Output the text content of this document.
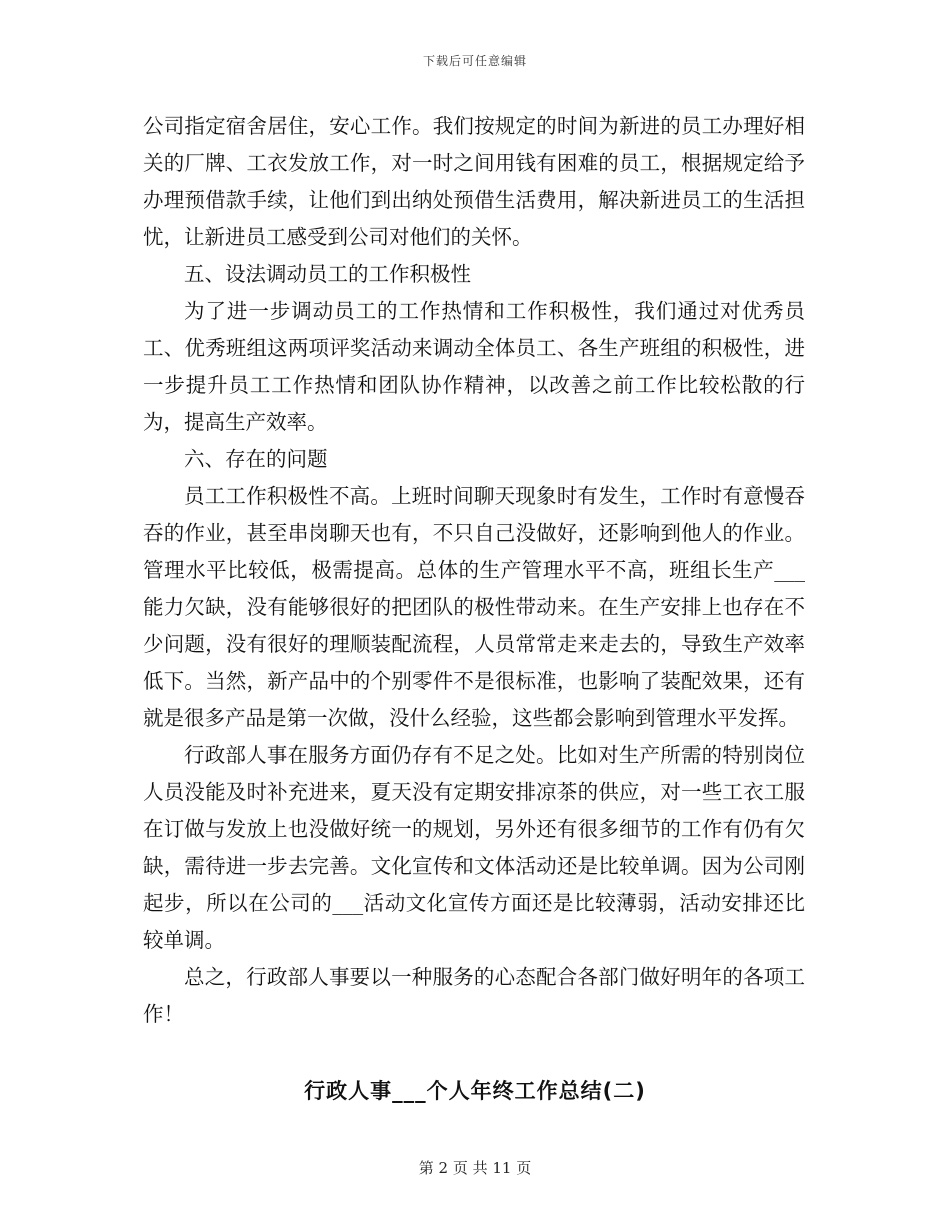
下载后可任意编辑

公司指定宿舍居住，安心工作。我们按规定的时间为新进的员工办理好相关的厂牌、工衣发放工作，对一时之间用钱有困难的员工，根据规定给予办理预借款手续，让他们到出纳处预借生活费用，解决新进员工的生活担忧，让新进员工感受到公司对他们的关怀。

五、设法调动员工的工作积极性

为了进一步调动员工的工作热情和工作积极性，我们通过对优秀员工、优秀班组这两项评奖活动来调动全体员工、各生产班组的积极性，进一步提升员工工作热情和团队协作精神，以改善之前工作比较松散的行为，提高生产效率。

六、存在的问题

员工工作积极性不高。上班时间聊天现象时有发生，工作时有意慢吞吞的作业，甚至串岗聊天也有，不只自己没做好，还影响到他人的作业。管理水平比较低，极需提高。总体的生产管理水平不高，班组长生产___能力欠缺，没有能够很好的把团队的极性带动来。在生产安排上也存在不少问题，没有很好的理顺装配流程，人员常常走来走去的，导致生产效率低下。当然，新产品中的个别零件不是很标准，也影响了装配效果，还有就是很多产品是第一次做，没什么经验，这些都会影响到管理水平发挥。

行政部人事在服务方面仍存有不足之处。比如对生产所需的特别岗位人员没能及时补充进来，夏天没有定期安排凉茶的供应，对一些工衣工服在订做与发放上也没做好统一的规划，另外还有很多细节的工作有仍有欠缺，需待进一步去完善。文化宣传和文体活动还是比较单调。因为公司刚起步，所以在公司的___活动文化宣传方面还是比较薄弱，活动安排还比较单调。

总之，行政部人事要以一种服务的心态配合各部门做好明年的各项工作！

行政人事___个人年终工作总结(二)
第 2 页 共 11 页
